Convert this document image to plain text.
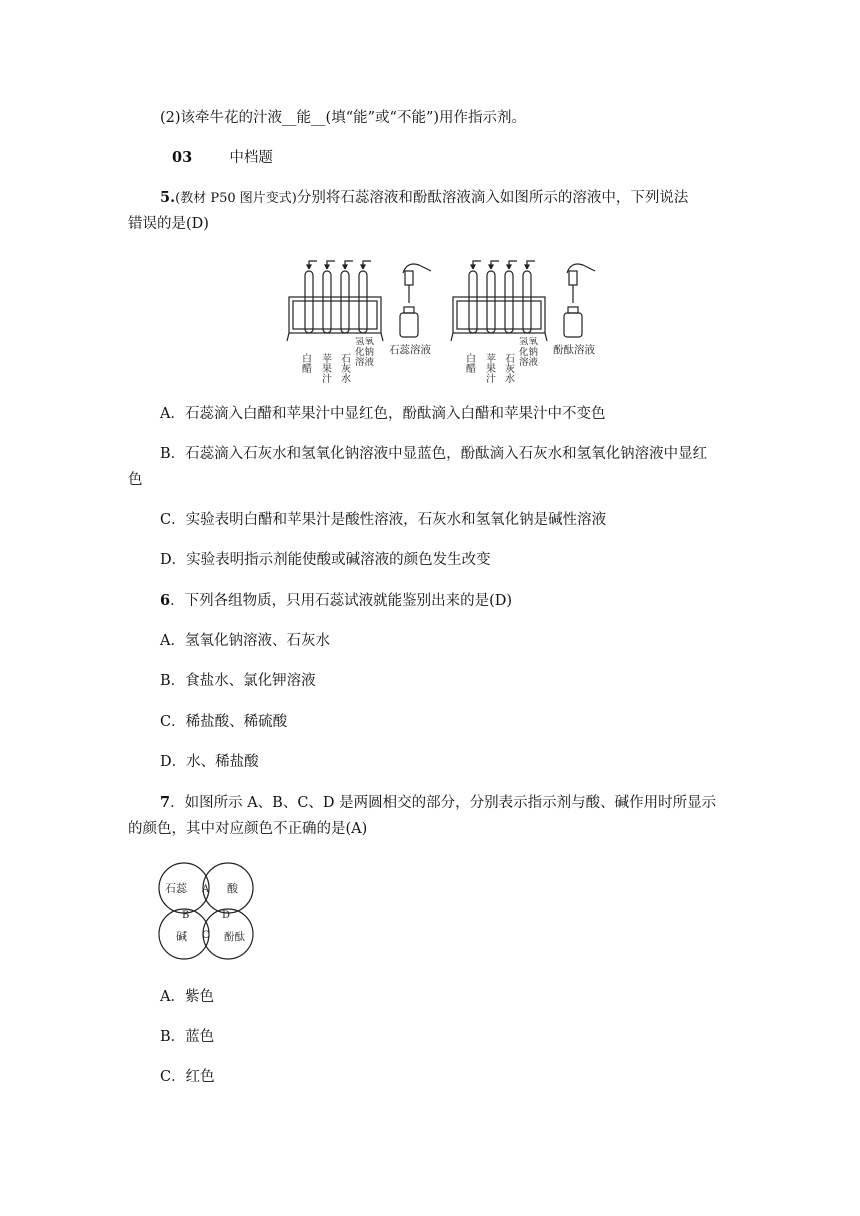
(2)该牵牛花的汁液__能__(填“能”或“不能”)用作指示剂。
03	中档题
5.(教材 P50 图片变式)分别将石蕊溶液和酚酞溶液滴入如图所示的溶液中，下列说法
错误的是(D)
白醋 苹果汁 石灰水
氢氧化钠溶液
石蕊溶液
白醋 苹果汁 石灰水
氢氧化钠溶液
酚酞溶液
A．石蕊滴入白醋和苹果汁中显红色，酚酞滴入白醋和苹果汁中不变色
B．石蕊滴入石灰水和氢氧化钠溶液中显蓝色，酚酞滴入石灰水和氢氧化钠溶液中显红
色
C．实验表明白醋和苹果汁是酸性溶液，石灰水和氢氧化钠是碱性溶液
D．实验表明指示剂能使酸或碱溶液的颜色发生改变
6．下列各组物质，只用石蕊试液就能鉴别出来的是(D)
A．氢氧化钠溶液、石灰水
B．食盐水、氯化钾溶液
C．稀盐酸、稀硫酸
D．水、稀盐酸
7．如图所示 A、B、C、D 是两圆相交的部分，分别表示指示剂与酸、碱作用时所显示
的颜色，其中对应颜色不正确的是(A)
石蕊	酸
碱	酚酞
A
B
C
D
A．紫色
B．蓝色
C．红色
